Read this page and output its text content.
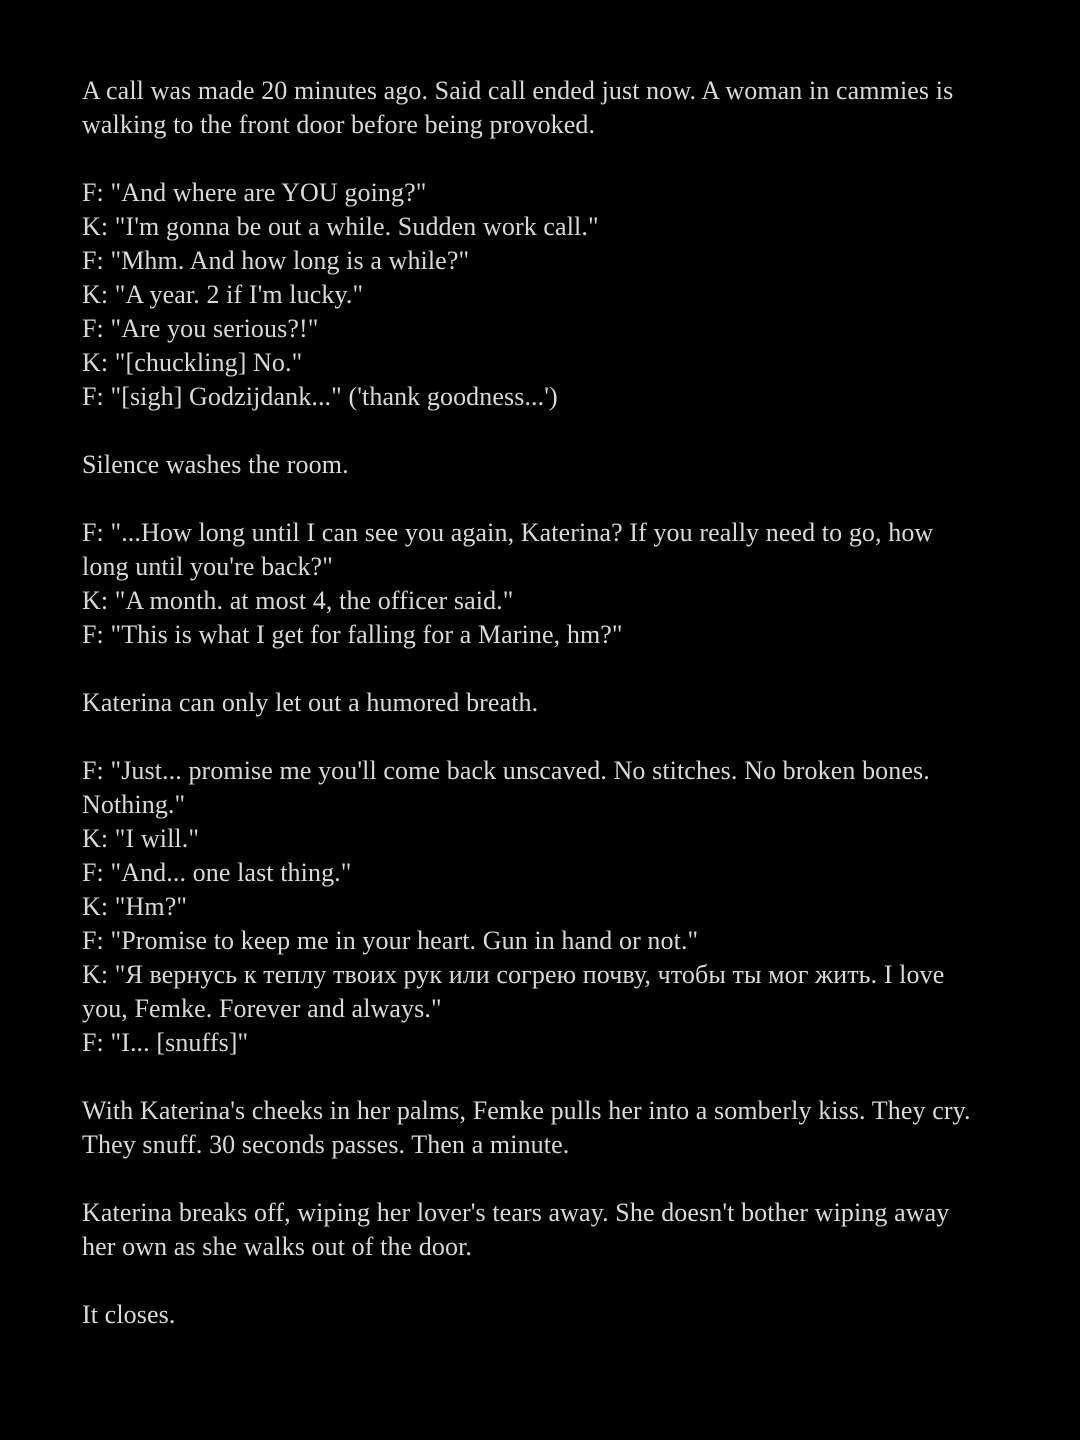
A call was made 20 minutes ago. Said call ended just now. A woman in cammies is walking to the front door before being provoked.
F: "And where are YOU going?"
K: "I'm gonna be out a while. Sudden work call."
F: "Mhm. And how long is a while?"
K: "A year. 2 if I'm lucky."
F: "Are you serious?!"
K: "[chuckling] No."
F: "[sigh] Godzijdank..." ('thank goodness...')
Silence washes the room.
F: "...How long until I can see you again, Katerina? If you really need to go, how long until you're back?"
K: "A month. at most 4, the officer said."
F: "This is what I get for falling for a Marine, hm?"
Katerina can only let out a humored breath.
F: "Just... promise me you'll come back unscaved. No stitches. No broken bones. Nothing."
K: "I will."
F: "And... one last thing."
K: "Hm?"
F: "Promise to keep me in your heart. Gun in hand or not."
K: "Я вернусь к теплу твоих рук или согрею почву, чтобы ты мог жить. I love you, Femke. Forever and always."
F: "I... [snuffs]"
With Katerina's cheeks in her palms, Femke pulls her into a somberly kiss. They cry. They snuff. 30 seconds passes. Then a minute.
Katerina breaks off, wiping her lover's tears away. She doesn't bother wiping away her own as she walks out of the door.
It closes.
